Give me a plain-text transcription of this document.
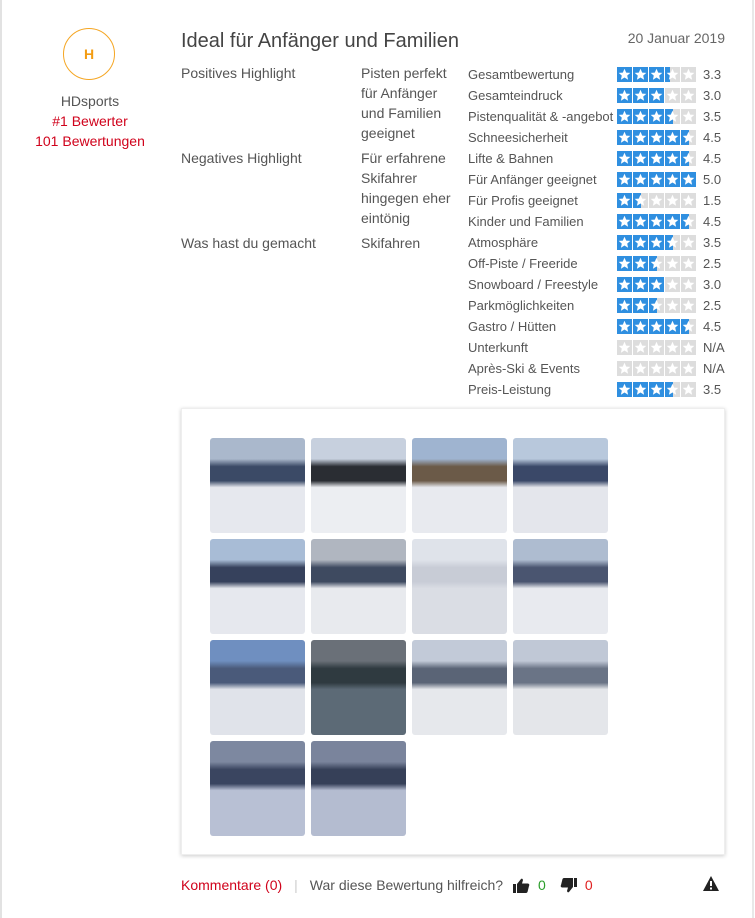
H
HDsports
#1 Bewerter
101 Bewertungen
Ideal für Anfänger und Familien	20 Januar 2019
Positives Highlight	Pisten perfekt für Anfänger und Familien geeignet
Negatives Highlight	Für erfahrene Skifahrer hingegen eher eintönig
Was hast du gemacht	Skifahren
Gesamtbewertung	3.3
Gesamteindruck	3.0
Pistenqualität & -angebot	3.5
Schneesicherheit	4.5
Lifte & Bahnen	4.5
Für Anfänger geeignet	5.0
Für Profis geeignet	1.5
Kinder und Familien	4.5
Atmosphäre	3.5
Off-Piste / Freeride	2.5
Snowboard / Freestyle	3.0
Parkmöglichkeiten	2.5
Gastro / Hütten	4.5
Unterkunft	N/A
Après-Ski & Events	N/A
Preis-Leistung	3.5
Kommentare (0) | War diese Bewertung hilfreich?	0	0
